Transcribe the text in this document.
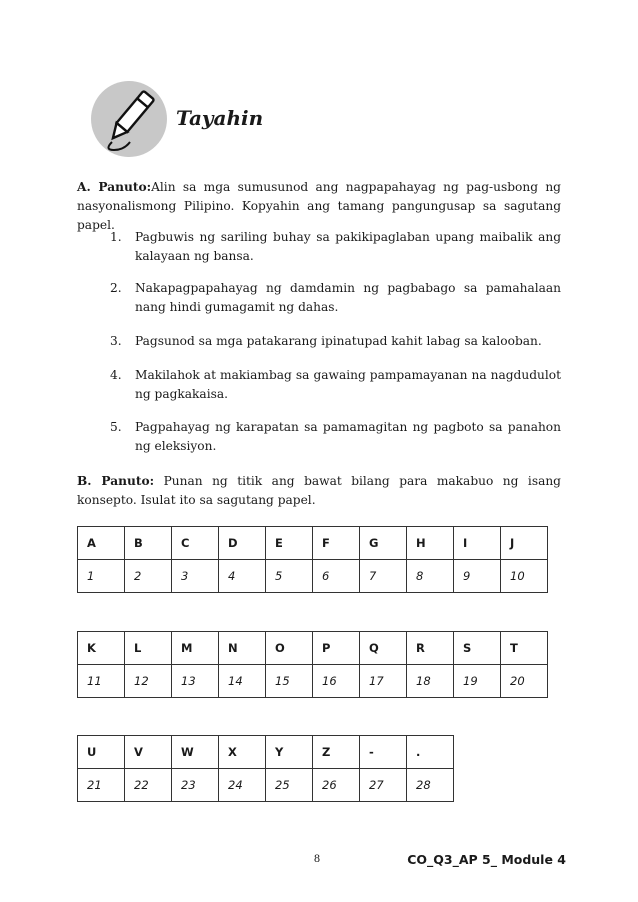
Tayahin
A. Panuto:Alin sa mga sumusunod ang nagpapahayag ng pag-usbong ng nasyonalismong Pilipino. Kopyahin ang tamang pangungusap sa sagutang papel.
1. Pagbuwis ng sariling buhay sa pakikipaglaban upang maibalik ang kalayaan ng bansa.
2. Nakapagpapahayag ng damdamin ng pagbabago sa pamahalaan nang hindi gumagamit ng dahas.
3. Pagsunod sa mga patakarang ipinatupad kahit labag sa kalooban.
4. Makilahok at makiambag sa gawaing pampamayanan na nagdudulot ng pagkakaisa.
5. Pagpahayag ng karapatan sa pamamagitan ng pagboto sa panahon ng eleksiyon.
B. Panuto: Punan ng titik ang bawat bilang para makabuo ng isang konsepto. Isulat ito sa sagutang papel.
A	B	C	D	E	F	G	H	I	J
1	2	3	4	5	6	7	8	9	10
K	L	M	N	O	P	Q	R	S	T
11	12	13	14	15	16	17	18	19	20
U	V	W	X	Y	Z	-	.
21	22	23	24	25	26	27	28
8	CO_Q3_AP 5_ Module 4
